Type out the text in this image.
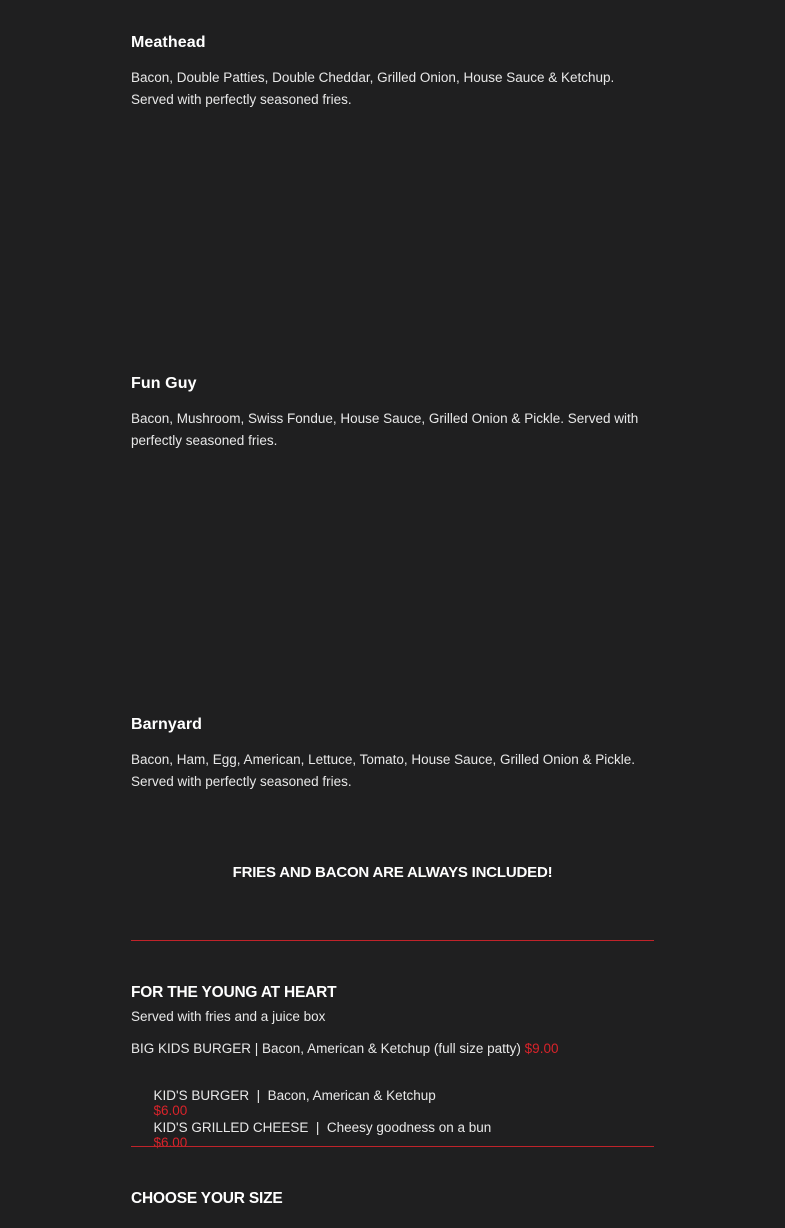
Meathead

Bacon, Double Patties, Double Cheddar, Grilled Onion, House Sauce & Ketchup. Served with perfectly seasoned fries.

Fun Guy

Bacon, Mushroom, Swiss Fondue, House Sauce, Grilled Onion & Pickle. Served with perfectly seasoned fries.

Barnyard

Bacon, Ham, Egg, American, Lettuce, Tomato, House Sauce, Grilled Onion & Pickle. Served with perfectly seasoned fries.

FRIES AND BACON ARE ALWAYS INCLUDED!
FOR THE YOUNG AT HEART
Served with fries and a juice box
BIG KIDS BURGER | Bacon, American & Ketchup (full size patty) $9.00

KID'S BURGER  |  Bacon, American & Ketchup
$6.00

KID'S GRILLED CHEESE  |  Cheesy goodness on a bun
$6.00

CHOOSE YOUR SIZE
